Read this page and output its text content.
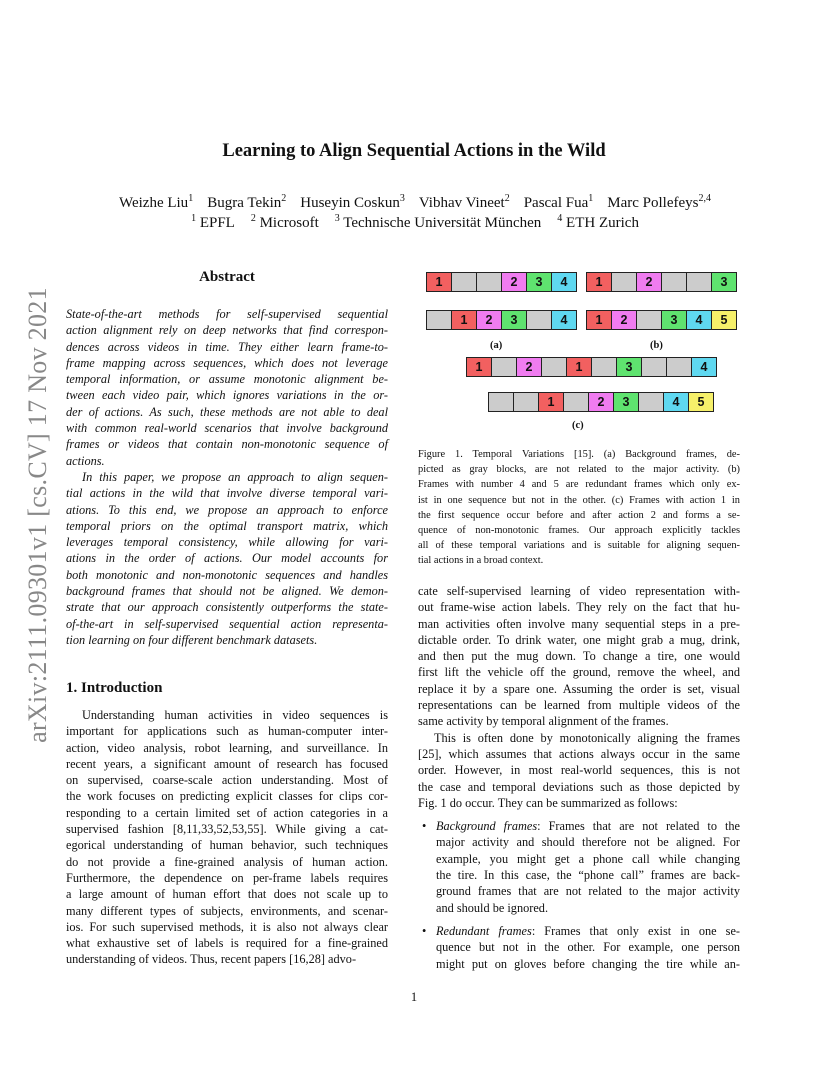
arXiv:2111.09301v1 [cs.CV] 17 Nov 2021
Learning to Align Sequential Actions in the Wild
Weizhe Liu$^1$ Bugra Tekin$^2$ Huseyin Coskun$^3$ Vibhav Vineet$^2$ Pascal Fua$^1$ Marc Pollefeys$^{2,4}$
$^1$ EPFL $^2$ Microsoft $^3$ Technische Universität München $^4$ ETH Zurich
Abstract
State-of-the-art methods for self-supervised sequential
action alignment rely on deep networks that find correspon-
dences across videos in time. They either learn frame-to-
frame mapping across sequences, which does not leverage
temporal information, or assume monotonic alignment be-
tween each video pair, which ignores variations in the or-
der of actions. As such, these methods are not able to deal
with common real-world scenarios that involve background
frames or videos that contain non-monotonic sequence of
actions.
In this paper, we propose an approach to align sequen-
tial actions in the wild that involve diverse temporal vari-
ations. To this end, we propose an approach to enforce
temporal priors on the optimal transport matrix, which
leverages temporal consistency, while allowing for vari-
ations in the order of actions. Our model accounts for
both monotonic and non-monotonic sequences and handles
background frames that should not be aligned. We demon-
strate that our approach consistently outperforms the state-
of-the-art in self-supervised sequential action representa-
tion learning on four different benchmark datasets.
1. Introduction
Understanding human activities in video sequences is
important for applications such as human-computer inter-
action, video analysis, robot learning, and surveillance. In
recent years, a significant amount of research has focused
on supervised, coarse-scale action understanding. Most of
the work focuses on predicting explicit classes for clips cor-
responding to a certain limited set of action categories in a
supervised fashion [8,11,33,52,53,55]. While giving a cat-
egorical understanding of human behavior, such techniques
do not provide a fine-grained analysis of human action.
Furthermore, the dependence on per-frame labels requires
a large amount of human effort that does not scale up to
many different types of subjects, environments, and scenar-
ios. For such supervised methods, it is also not always clear
what exhaustive set of labels is required for a fine-grained
understanding of videos. Thus, recent papers [16,28] advo-
1	2	3	4	1	2	3
1	2	3	4	1	2	3	4	5
1	2	1	3	4
1	2	3	4	5
(a)	(b)
(c)
Figure 1. Temporal Variations [15]. (a) Background frames, de-
picted as gray blocks, are not related to the major activity. (b)
Frames with number 4 and 5 are redundant frames which only ex-
ist in one sequence but not in the other. (c) Frames with action 1 in
the first sequence occur before and after action 2 and forms a se-
quence of non-monotonic frames. Our approach explicitly tackles
all of these temporal variations and is suitable for aligning sequen-
tial actions in a broad context.
cate self-supervised learning of video representation with-
out frame-wise action labels. They rely on the fact that hu-
man activities often involve many sequential steps in a pre-
dictable order. To drink water, one might grab a mug, drink,
and then put the mug down. To change a tire, one would
first lift the vehicle off the ground, remove the wheel, and
replace it by a spare one. Assuming the order is set, visual
representations can be learned from multiple videos of the
same activity by temporal alignment of the frames.
This is often done by monotonically aligning the frames
[25], which assumes that actions always occur in the same
order. However, in most real-world sequences, this is not
the case and temporal deviations such as those depicted by
Fig. 1 do occur. They can be summarized as follows:
• Background frames: Frames that are not related to the
major activity and should therefore not be aligned. For
example, you might get a phone call while changing
the tire. In this case, the “phone call” frames are back-
ground frames that are not related to the major activity
and should be ignored.
• Redundant frames: Frames that only exist in one se-
quence but not in the other. For example, one person
might put on gloves before changing the tire while an-
1
